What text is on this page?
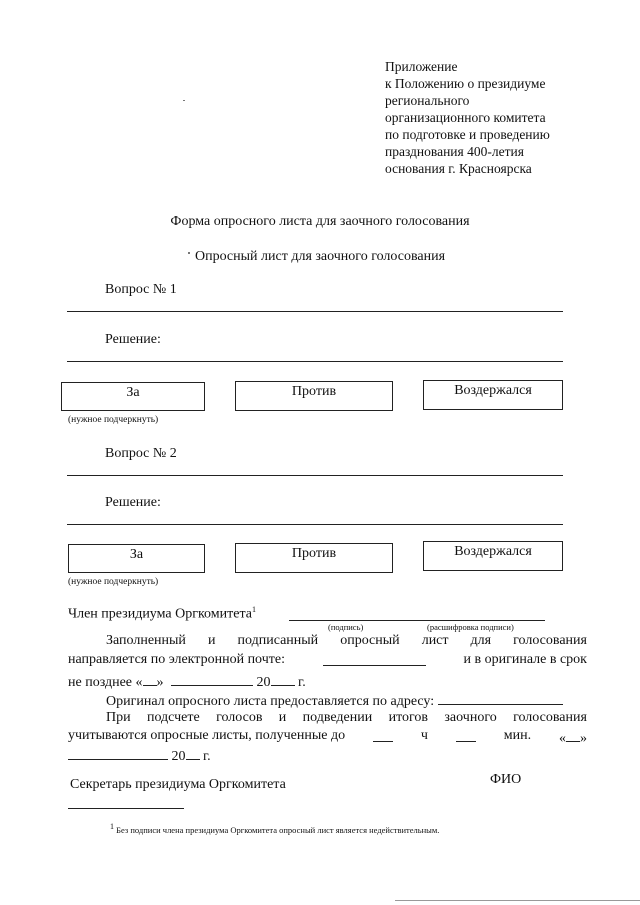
Приложение
к Положению о президиуме
регионального
организационного комитета
по подготовке и проведению
празднования 400-летия
основания г. Красноярска
Форма опросного листа для заочного голосования
Опросный лист для заочного голосования
Вопрос № 1
Решение:
За	Против	Воздержался
(нужное подчеркнуть)
Вопрос № 2
Решение:
За	Против	Воздержался
(нужное подчеркнуть)
Член президиума Оргкомитета$^1$
(подпись)	(расшифровка подписи)
Заполненный и подписанный опросный лист для голосования
направляется по электронной почте:	и в оригинале в срок
не позднее « »	20 г.
Оригинал опросного листа предоставляется по адресу:
При подсчете голосов и подведении итогов заочного голосования
учитываются опросные листы, полученные до	ч	мин. « »
20 г.
Секретарь президиума Оргкомитета	ФИО
$^1$ Без подписи члена президиума Оргкомитета опросный лист является недействительным.
